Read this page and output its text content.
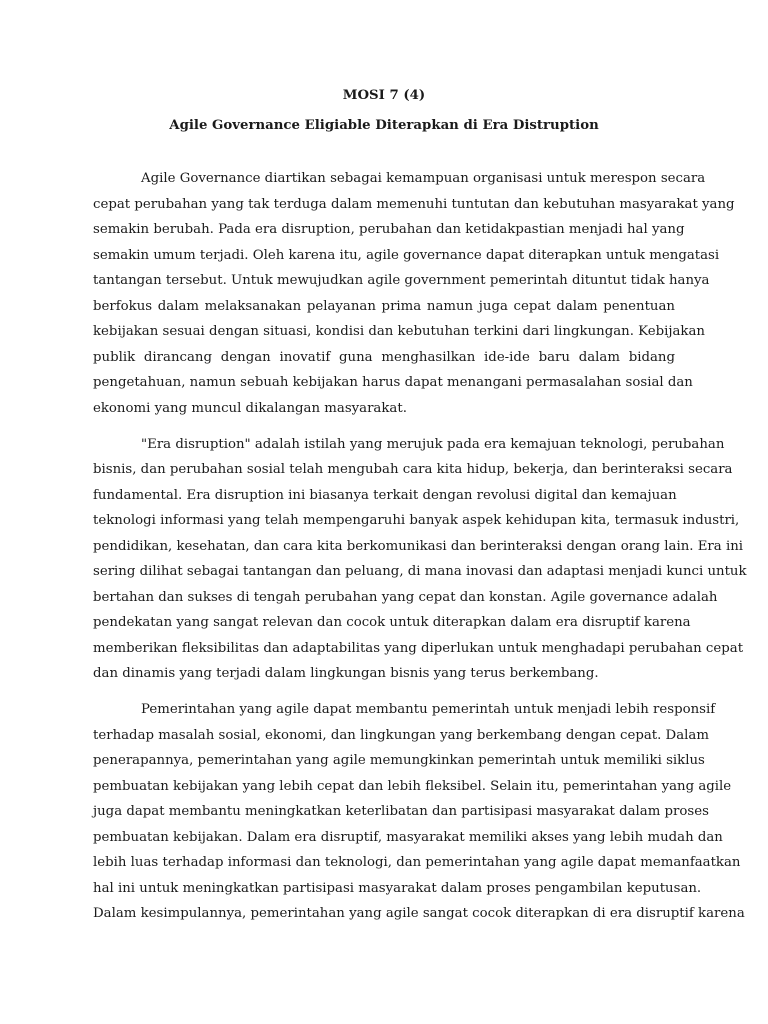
MOSI 7 (4)
Agile Governance Eligiable Diterapkan di Era Distruption
Agile Governance diartikan sebagai kemampuan organisasi untuk merespon secara
cepat perubahan yang tak terduga dalam memenuhi tuntutan dan kebutuhan masyarakat yang
semakin berubah. Pada era disruption, perubahan dan ketidakpastian menjadi hal yang
semakin umum terjadi. Oleh karena itu, agile governance dapat diterapkan untuk mengatasi
tantangan tersebut. Untuk mewujudkan agile government pemerintah dituntut tidak hanya
berfokus dalam melaksanakan pelayanan prima namun juga cepat dalam penentuan
kebijakan sesuai dengan situasi, kondisi dan kebutuhan terkini dari lingkungan. Kebijakan
publik dirancang dengan inovatif guna menghasilkan ide-ide baru dalam bidang
pengetahuan, namun sebuah kebijakan harus dapat menangani permasalahan sosial dan
ekonomi yang muncul dikalangan masyarakat.
"Era disruption" adalah istilah yang merujuk pada era kemajuan teknologi, perubahan
bisnis, dan perubahan sosial telah mengubah cara kita hidup, bekerja, dan berinteraksi secara
fundamental. Era disruption ini biasanya terkait dengan revolusi digital dan kemajuan
teknologi informasi yang telah mempengaruhi banyak aspek kehidupan kita, termasuk industri,
pendidikan, kesehatan, dan cara kita berkomunikasi dan berinteraksi dengan orang lain. Era ini
sering dilihat sebagai tantangan dan peluang, di mana inovasi dan adaptasi menjadi kunci untuk
bertahan dan sukses di tengah perubahan yang cepat dan konstan. Agile governance adalah
pendekatan yang sangat relevan dan cocok untuk diterapkan dalam era disruptif karena
memberikan fleksibilitas dan adaptabilitas yang diperlukan untuk menghadapi perubahan cepat
dan dinamis yang terjadi dalam lingkungan bisnis yang terus berkembang.
Pemerintahan yang agile dapat membantu pemerintah untuk menjadi lebih responsif
terhadap masalah sosial, ekonomi, dan lingkungan yang berkembang dengan cepat. Dalam
penerapannya, pemerintahan yang agile memungkinkan pemerintah untuk memiliki siklus
pembuatan kebijakan yang lebih cepat dan lebih fleksibel. Selain itu, pemerintahan yang agile
juga dapat membantu meningkatkan keterlibatan dan partisipasi masyarakat dalam proses
pembuatan kebijakan. Dalam era disruptif, masyarakat memiliki akses yang lebih mudah dan
lebih luas terhadap informasi dan teknologi, dan pemerintahan yang agile dapat memanfaatkan
hal ini untuk meningkatkan partisipasi masyarakat dalam proses pengambilan keputusan.
Dalam kesimpulannya, pemerintahan yang agile sangat cocok diterapkan di era disruptif karena
